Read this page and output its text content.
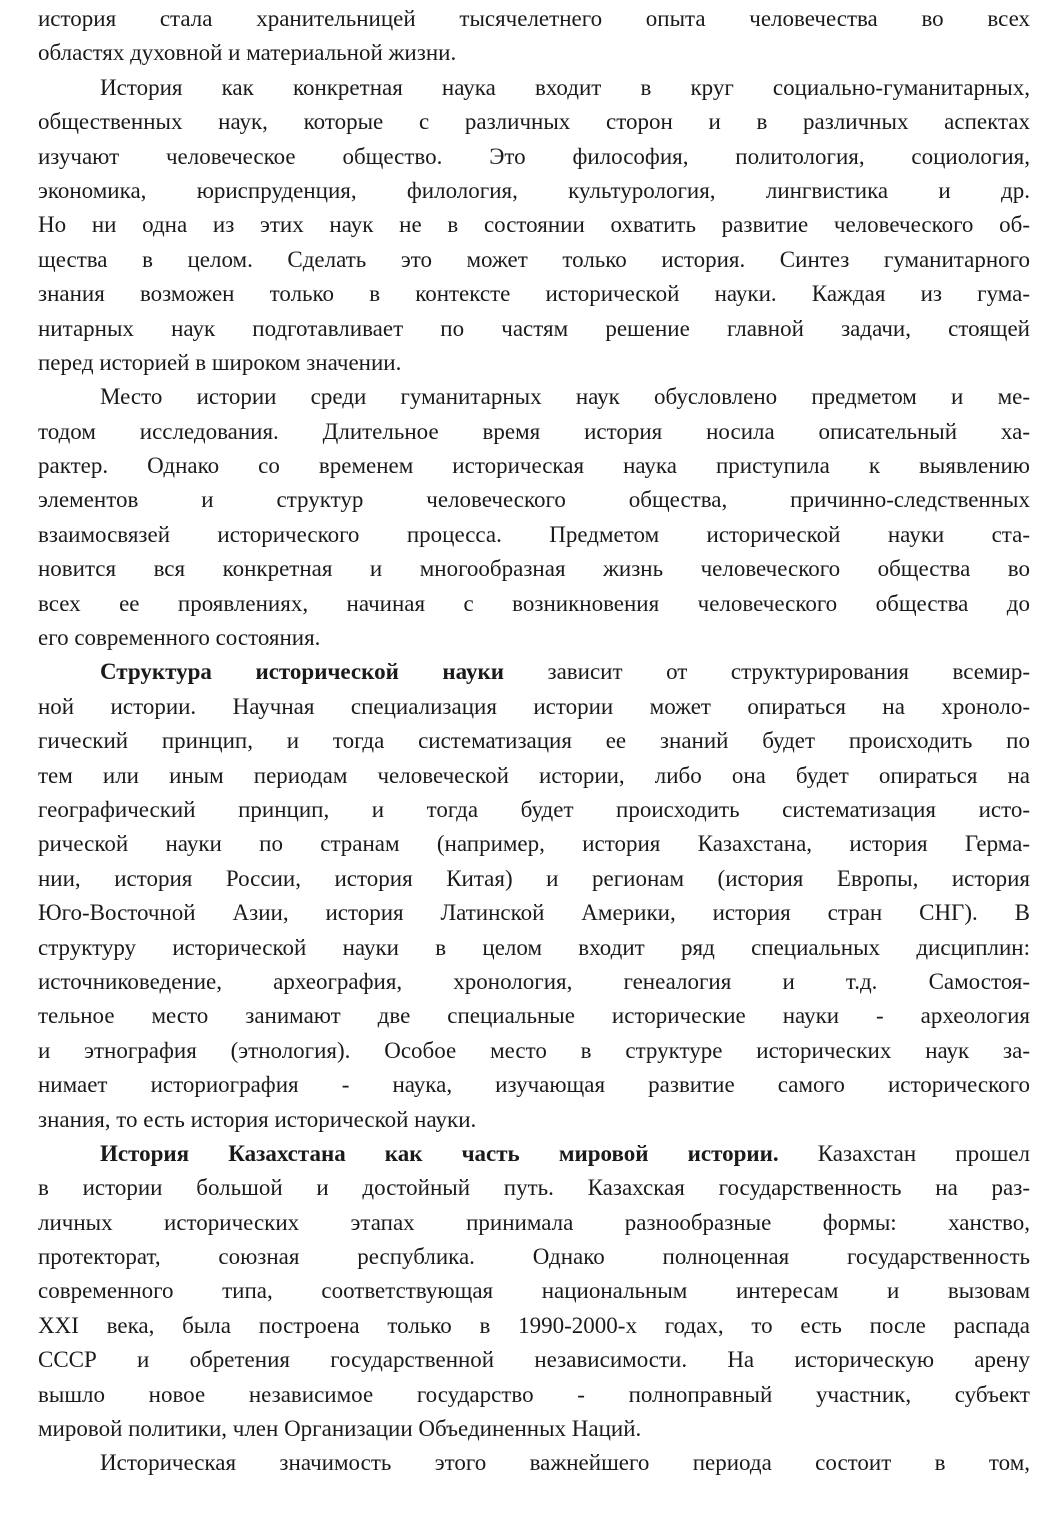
история стала хранительницей тысячелетнего опыта человечества во всех
областях духовной и материальной жизни.
История как конкретная наука входит в круг социально-гуманитарных,
общественных наук, которые с различных сторон и в различных аспектах
изучают человеческое общество. Это философия, политология, социология,
экономика, юриспруденция, филология, культурология, лингвистика и др.
Но ни одна из этих наук не в состоянии охватить развитие человеческого об-
щества в целом. Сделать это может только история. Синтез гуманитарного
знания возможен только в контексте исторической науки. Каждая из гума-
нитарных наук подготавливает по частям решение главной задачи, стоящей
перед историей в широком значении.
Место истории среди гуманитарных наук обусловлено предметом и ме-
тодом исследования. Длительное время история носила описательный ха-
рактер. Однако со временем историческая наука приступила к выявлению
элементов и структур человеческого общества, причинно-следственных
взаимосвязей исторического процесса. Предметом исторической науки ста-
новится вся конкретная и многообразная жизнь человеческого общества во
всех ее проявлениях, начиная с возникновения человеческого общества до
его современного состояния.
Структура исторической науки зависит от структурирования всемир-
ной истории. Научная специализация истории может опираться на хроноло-
гический принцип, и тогда систематизация ее знаний будет происходить по
тем или иным периодам человеческой истории, либо она будет опираться на
географический принцип, и тогда будет происходить систематизация исто-
рической науки по странам (например, история Казахстана, история Герма-
нии, история России, история Китая) и регионам (история Европы, история
Юго-Восточной Азии, история Латинской Америки, история стран СНГ). В
структуру исторической науки в целом входит ряд специальных дисциплин:
источниковедение, археография, хронология, генеалогия и т.д. Самостоя-
тельное место занимают две специальные исторические науки - археология
и этнография (этнология). Особое место в структуре исторических наук за-
нимает историография - наука, изучающая развитие самого исторического
знания, то есть история исторической науки.
История Казахстана как часть мировой истории. Казахстан прошел
в истории большой и достойный путь. Казахская государственность на раз-
личных исторических этапах принимала разнообразные формы: ханство,
протекторат, союзная республика. Однако полноценная государственность
современного типа, соответствующая национальным интересам и вызовам
XXI века, была построена только в 1990-2000-х годах, то есть после распада
СССР и обретения государственной независимости. На историческую арену
вышло новое независимое государство - полноправный участник, субъект
мировой политики, член Организации Объединенных Наций.
Историческая значимость этого важнейшего периода состоит в том,
